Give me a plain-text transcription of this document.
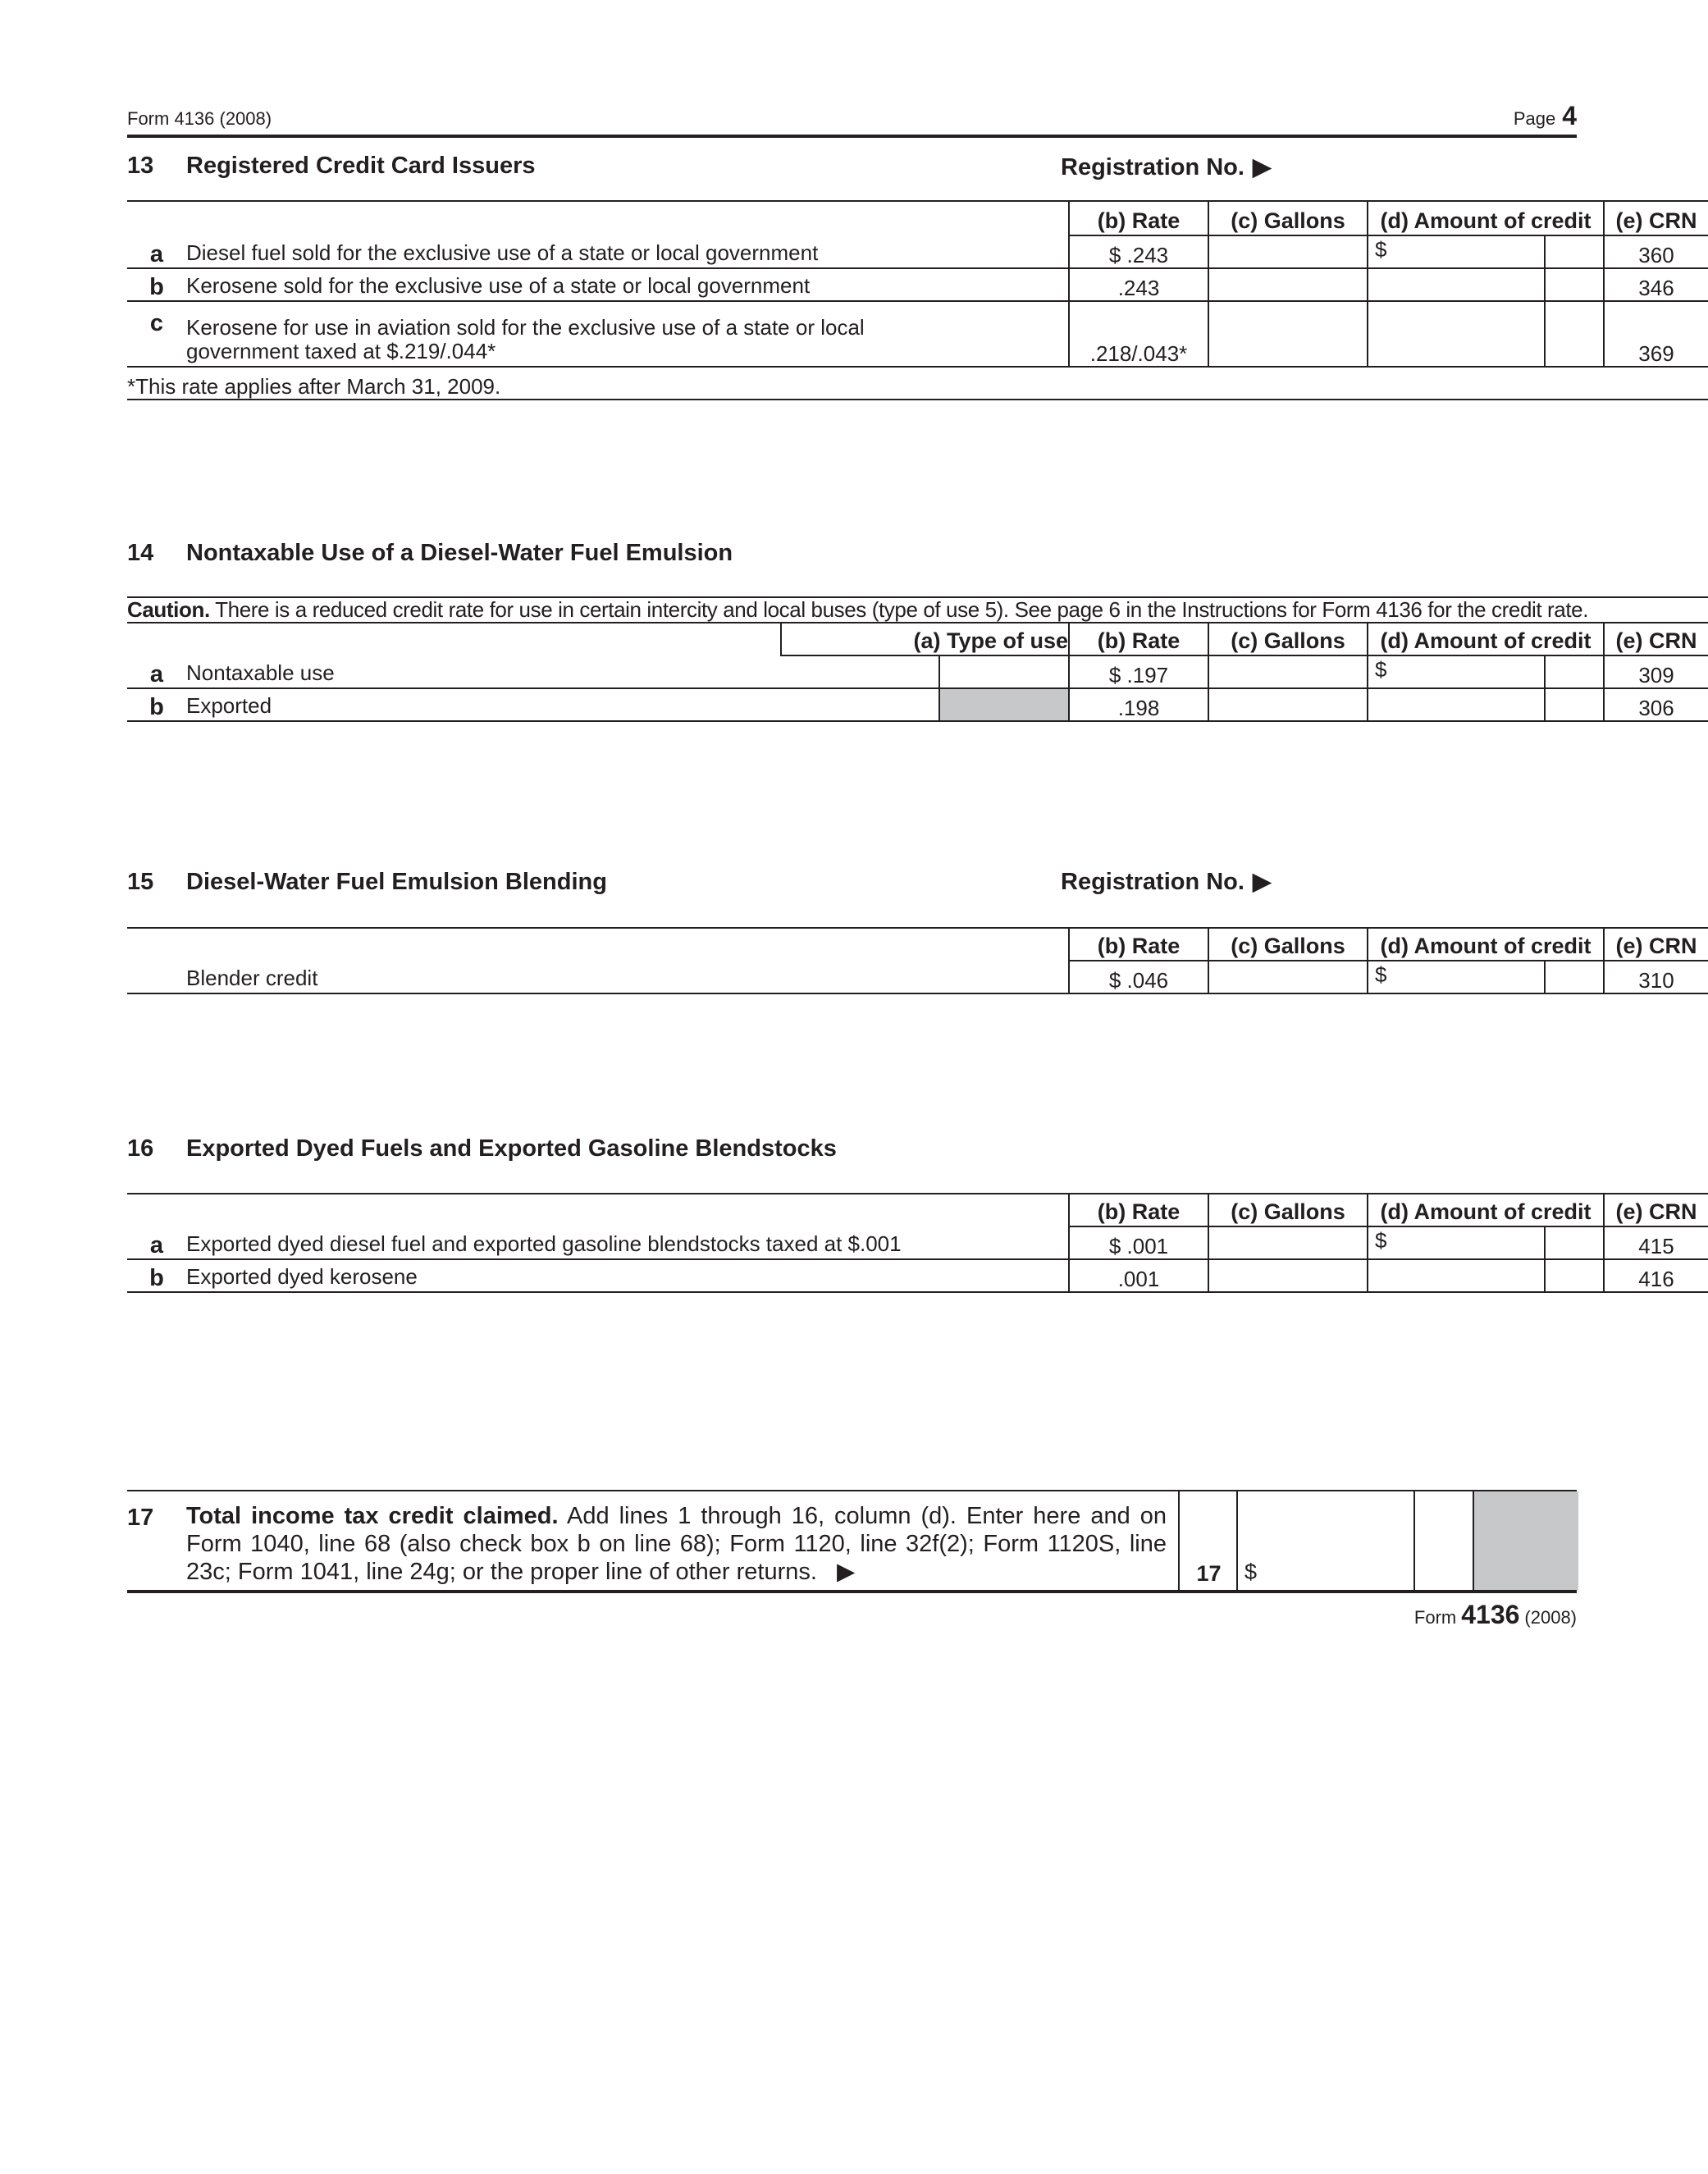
Form 4136 (2008)	Page 4
13 Registered Credit Card Issuers	Registration No. ▶
		(b) Rate	(c) Gallons	(d) Amount of credit		(e) CRN
a	Diesel fuel sold for the exclusive use of a state or local government	$ .243		$		360
b	Kerosene sold for the exclusive use of a state or local government	.243				346
c	Kerosene for use in aviation sold for the exclusive use of a state or local
government taxed at $.219/.044*	.218/.043*				369
*This rate applies after March 31, 2009.						
14 Nontaxable Use of a Diesel-Water Fuel Emulsion
Caution. There is a reduced credit rate for use in certain intercity and local buses (type of use 5). See page 6 in the Instructions for Form 4136 for the credit rate.								
		(a) Type of use		(b) Rate	(c) Gallons	(d) Amount of credit		(e) CRN
a	Nontaxable use			$ .197		$		309
b	Exported			.198				306
15 Diesel-Water Fuel Emulsion Blending	Registration No. ▶
		(b) Rate	(c) Gallons	(d) Amount of credit		(e) CRN
	Blender credit	$ .046		$		310
16 Exported Dyed Fuels and Exported Gasoline Blendstocks
		(b) Rate	(c) Gallons	(d) Amount of credit		(e) CRN
a	Exported dyed diesel fuel and exported gasoline blendstocks taxed at $.001	$ .001		$		415
b	Exported dyed kerosene	.001				416
17 Total income tax credit claimed. Add lines 1 through 16, column (d). Enter here and on Form 1040, line 68 (also check box b on line 68); Form 1120, line 32f(2); Form 1120S, line 23c; Form 1041, line 24g; or the proper line of other returns. ▶	17	$
Form 4136 (2008)
